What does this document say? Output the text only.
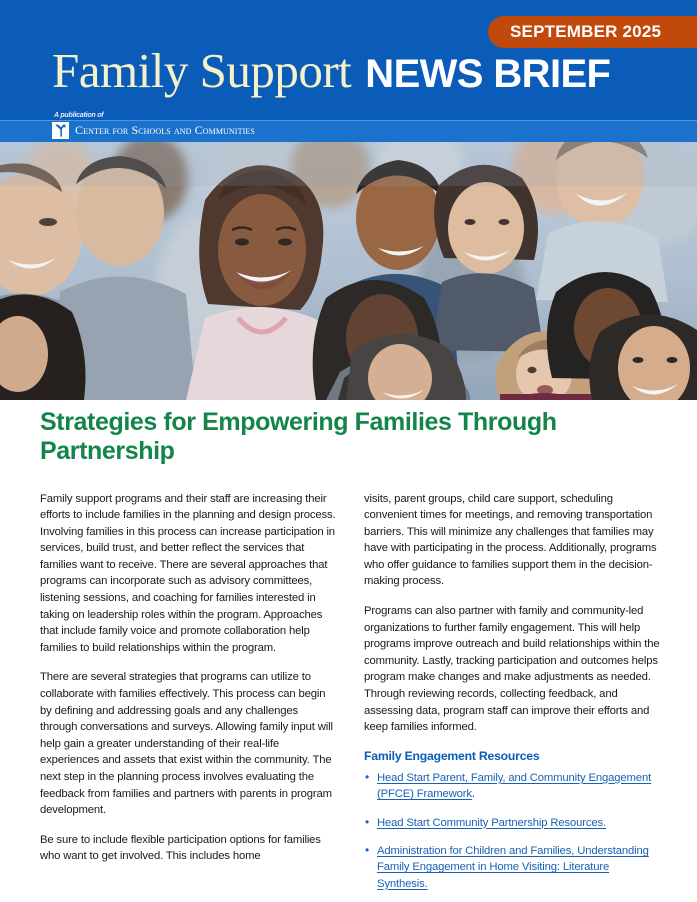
SEPTEMBER 2025
Family Support NEWS BRIEF
A publication of
Center for Schools and Communities
Strategies for Empowering Families Through Partnership

Family support programs and their staff are increasing their efforts to include families in the planning and design process. Involving families in this process can increase participation in services, build trust, and better reflect the services that families want to receive. There are several approaches that programs can incorporate such as advisory committees, listening sessions, and coaching for families interested in taking on leadership roles within the program. Approaches that include family voice and promote collaboration help families to build relationships within the program.

There are several strategies that programs can utilize to collaborate with families effectively. This process can begin by defining and addressing goals and any challenges through conversations and surveys. Allowing family input will help gain a greater understanding of their real-life experiences and assets that exist within the community. The next step in the planning process involves evaluating the feedback from families and partners with parents in program development.

Be sure to include flexible participation options for families who want to get involved. This includes home

visits, parent groups, child care support, scheduling convenient times for meetings, and removing transportation barriers. This will minimize any challenges that families may have with participating in the process. Additionally, programs who offer guidance to families support them in the decision-making process.

Programs can also partner with family and community-led organizations to further family engagement. This will help programs improve outreach and build relationships within the community. Lastly, tracking participation and outcomes helps program make changes and make adjustments as needed. Through reviewing records, collecting feedback, and assessing data, program staff can improve their efforts and keep families informed.

Family Engagement Resources
• Head Start Parent, Family, and Community Engagement (PFCE) Framework.
• Head Start Community Partnership Resources.
• Administration for Children and Families, Understanding Family Engagement in Home Visiting: Literature Synthesis.
